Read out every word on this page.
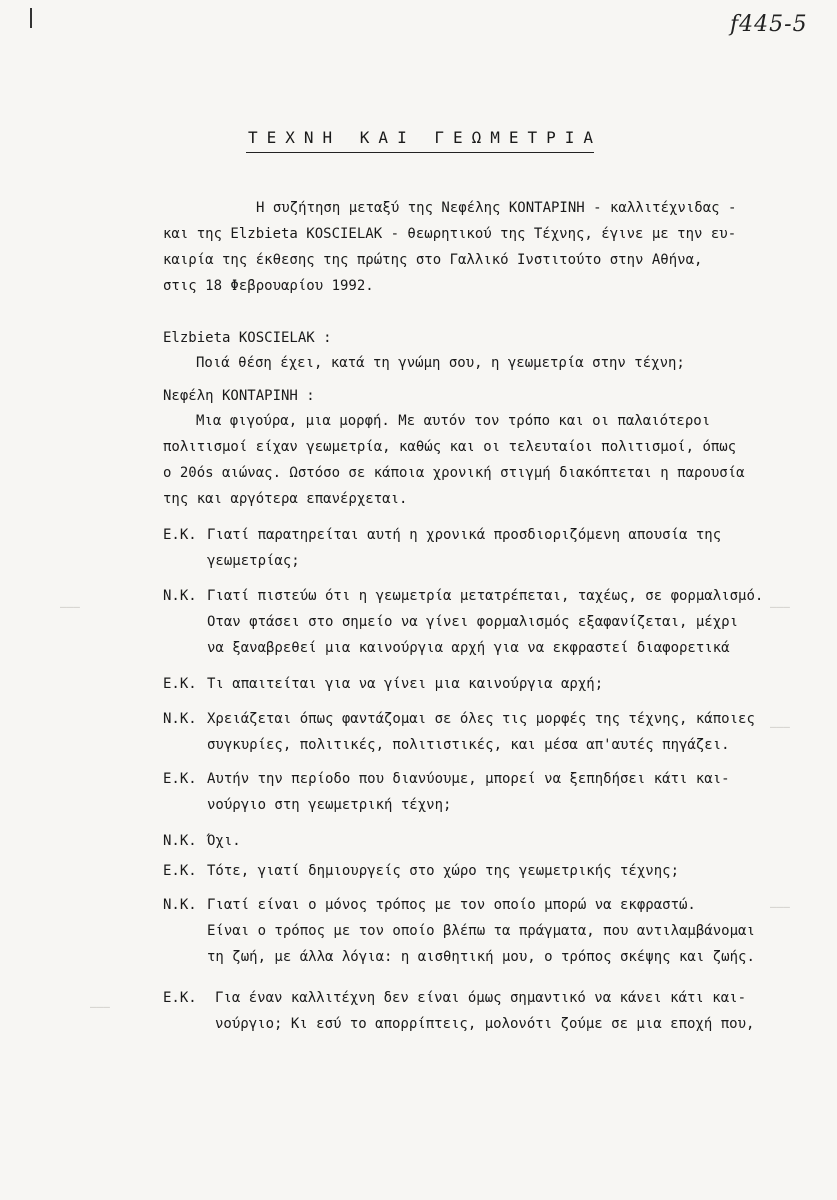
f445-5
ΤΕΧΝΗ ΚΑΙ ΓΕΩΜΕΤΡΙΑ
Η συζήτηση μεταξύ της Νεφέλης ΚΟΝΤΑΡΙΝΗ - καλλιτέχνιδας -
και της Elzbieta KOSCIELAK - θεωρητικού της Τέχνης, έγινε με την ευ-
καιρία της έκθεσης της πρώτης στο Γαλλικό Ινστιτούτο στην Αθήνα,
στις 18 Φεβρουαρίου 1992.
Elzbieta KOSCIELAK :
Ποιά θέση έχει, κατά τη γνώμη σου, η γεωμετρία στην τέχνη;
Νεφέλη ΚΟΝΤΑΡΙΝΗ :
Μια φιγούρα, μια μορφή. Με αυτόν τον τρόπο και οι παλαιότεροι
πολιτισμοί είχαν γεωμετρία, καθώς και οι τελευταίοι πολιτισμοί, όπως
ο 20όs αιώνας. Ωστόσο σε κάποια χρονική στιγμή διακόπτεται η παρουσία
της και αργότερα επανέρχεται.
Ε.Κ. Γιατί παρατηρείται αυτή η χρονικά προσδιοριζόμενη απουσία της
γεωμετρίας;
Ν.Κ. Γιατί πιστεύω ότι η γεωμετρία μετατρέπεται, ταχέως, σε φορμαλισμό.
Οταν φτάσει στο σημείο να γίνει φορμαλισμός εξαφανίζεται, μέχρι
να ξαναβρεθεί μια καινούργια αρχή για να εκφραστεί διαφορετικά
Ε.Κ. Τι απαιτείται για να γίνει μια καινούργια αρχή;
Ν.Κ. Χρειάζεται όπως φαντάζομαι σε όλες τις μορφές της τέχνης, κάποιες
συγκυρίες, πολιτικές, πολιτιστικές, και μέσα απ'αυτές πηγάζει.
Ε.Κ. Αυτήν την περίοδο που διανύουμε, μπορεί να ξεπηδήσει κάτι και-
νούργιο στη γεωμετρική τέχνη;
Ν.Κ. Όχι.
Ε.Κ. Τότε, γιατί δημιουργείς στο χώρο της γεωμετρικής τέχνης;
Ν.Κ. Γιατί είναι ο μόνος τρόπος με τον οποίο μπορώ να εκφραστώ.
Είναι ο τρόπος με τον οποίο βλέπω τα πράγματα, που αντιλαμβάνομαι
τη ζωή, με άλλα λόγια: η αισθητική μου, ο τρόπος σκέψης και ζωής.
Ε.Κ. Για έναν καλλιτέχνη δεν είναι όμως σημαντικό να κάνει κάτι και-
νούργιο; Κι εσύ το απορρίπτεις, μολονότι ζούμε σε μια εποχή που,
———	———
———
———
———
